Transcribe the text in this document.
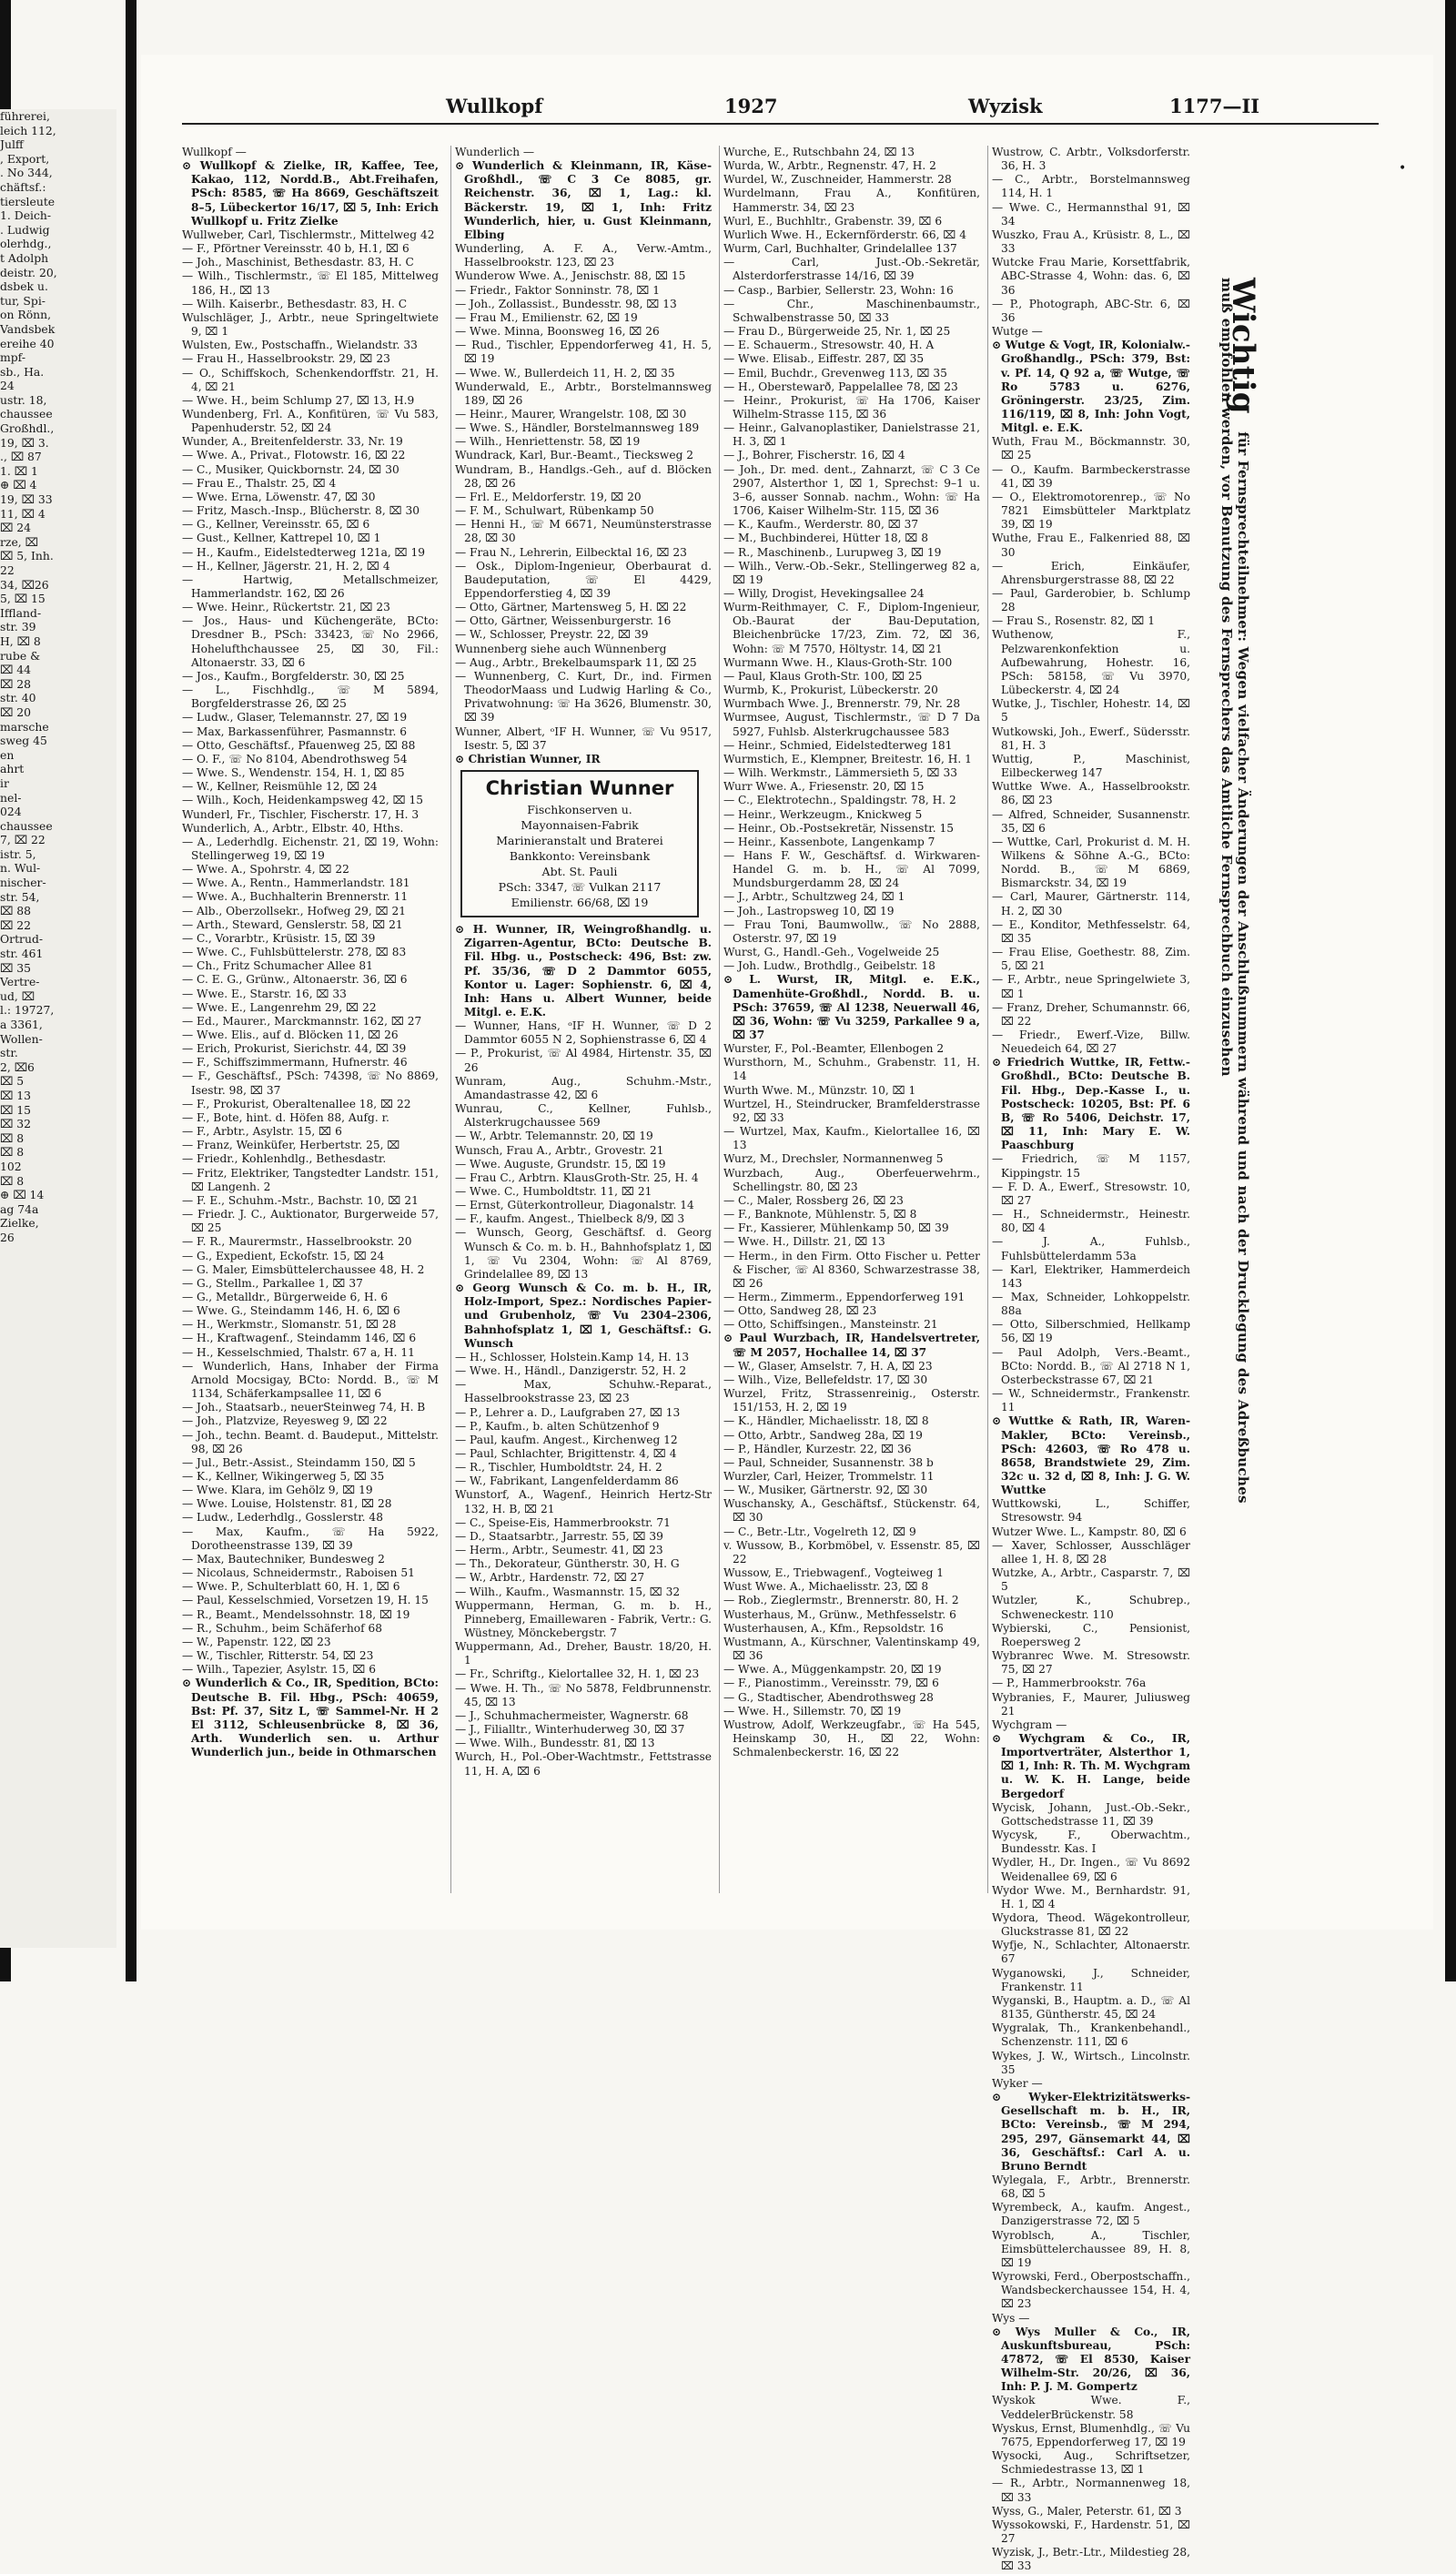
führerei,
leich 112,
Julff
, Export,
. No 344,
chäftsf.:
tiersleute
1. Deich-
. Ludwig
olerhdg.,
t Adolph
deistr. 20,
dsbek u.
tur, Spi-
on Rönn,
Vandsbek
ereihe 40
mpf-
sb., Ha.
24
ustr. 18,
chaussee
Großhdl.,
19, ⌧ 3.
., ⌧ 87
1. ⌧ 1
⊕ ⌧ 4
19, ⌧ 33
11, ⌧ 4
⌧ 24
rze, ⌧
⌧ 5, Inh.
22
34, ⌧26
5, ⌧ 15
Iffland-
str. 39
H, ⌧ 8
rube &
⌧ 44
⌧ 28
str. 40
⌧ 20
marsche
sweg 45
en
ahrt
ir
nel-
024
chaussee
7, ⌧ 22
istr. 5,
n. Wul-
nischer-
str. 54,
⌧ 88
⌧ 22
Ortrud-
str. 461
⌧ 35
Vertre-
ud, ⌧
l.: 19727,
a 3361,
Wollen-
str.
2, ⌧6
⌧ 5
⌧ 13
⌧ 15
⌧ 32
⌧ 8
⌧ 8
102
⌧ 8
⊕ ⌧ 14
ag 74a
Zielke,
26
Wullkopf	1927	Wyzisk	1177—II
Wullkopf —
⊙ Wullkopf & Zielke, IR, Kaffee, Tee, Kakao, 112, Nordd.B., Abt.Freihafen, PSch: 8585, ☏ Ha 8669, Geschäftszeit 8–5, Lübeckertor 16/17, ⌧ 5, Inh: Erich Wullkopf u. Fritz Zielke
Wullweber, Carl, Tischlermstr., Mittelweg 42
— F., Pförtner Vereinsstr. 40 b, H.1, ⌧ 6
— Joh., Maschinist, Bethesdastr. 83, H. C
— Wilh., Tischlermstr., ☏ El 185, Mittelweg 186, H., ⌧ 13
— Wilh. Kaiserbr., Bethesdastr. 83, H. C
Wulschläger, J., Arbtr., neue Springeltwiete 9, ⌧ 1
Wulsten, Ew., Postschaffn., Wielandstr. 33
— Frau H., Hasselbrookstr. 29, ⌧ 23
— O., Schiffskoch, Schenkendorffstr. 21, H. 4, ⌧ 21
— Wwe. H., beim Schlump 27, ⌧ 13, H.9
Wundenberg, Frl. A., Konfitüren, ☏ Vu 583, Papenhuderstr. 52, ⌧ 24
Wunder, A., Breitenfelderstr. 33, Nr. 19
— Wwe. A., Privat., Flotowstr. 16, ⌧ 22
— C., Musiker, Quickbornstr. 24, ⌧ 30
— Frau E., Thalstr. 25, ⌧ 4
— Wwe. Erna, Löwenstr. 47, ⌧ 30
— Fritz, Masch.-Insp., Blücherstr. 8, ⌧ 30
— G., Kellner, Vereinsstr. 65, ⌧ 6
— Gust., Kellner, Kattrepel 10, ⌧ 1
— H., Kaufm., Eidelstedterweg 121a, ⌧ 19
— H., Kellner, Jägerstr. 21, H. 2, ⌧ 4
— Hartwig, Metallschmeizer, Hammerlandstr. 162, ⌧ 26
— Wwe. Heinr., Rückertstr. 21, ⌧ 23
— Jos., Haus- und Küchengeräte, BCto: Dresdner B., PSch: 33423, ☏ No 2966, Hohelufthchaussee 25, ⌧ 30, Fil.: Altonaerstr. 33, ⌧ 6
— Jos., Kaufm., Borgfelderstr. 30, ⌧ 25
— L., Fischhdlg., ☏ M 5894, Borgfelderstrasse 26, ⌧ 25
— Ludw., Glaser, Telemannstr. 27, ⌧ 19
— Max, Barkassenführer, Pasmannstr. 6
— Otto, Geschäftsf., Pfauenweg 25, ⌧ 88
— O. F., ☏ No 8104, Abendrothsweg 54
— Wwe. S., Wendenstr. 154, H. 1, ⌧ 85
— W., Kellner, Reismühle 12, ⌧ 24
— Wilh., Koch, Heidenkampsweg 42, ⌧ 15
Wunderl, Fr., Tischler, Fischerstr. 17, H. 3
Wunderlich, A., Arbtr., Elbstr. 40, Hths.
— A., Lederhdlg. Eichenstr. 21, ⌧ 19, Wohn: Stellingerweg 19, ⌧ 19
— Wwe. A., Spohrstr. 4, ⌧ 22
— Wwe. A., Rentn., Hammerlandstr. 181
— Wwe. A., Buchhalterin Brennerstr. 11
— Alb., Oberzollsekr., Hofweg 29, ⌧ 21
— Arth., Steward, Genslerstr. 58, ⌧ 21
— C., Vorarbtr., Krüsistr. 15, ⌧ 39
— Wwe. C., Fuhlsbüttelerstr. 278, ⌧ 83
— Ch., Fritz Schumacher Allee 81
— C. E. G., Grünw., Altonaerstr. 36, ⌧ 6
— Wwe. E., Starstr. 16, ⌧ 33
— Wwe. E., Langenrehm 29, ⌧ 22
— Ed., Maurer., Marckmannstr. 162, ⌧ 27
— Wwe. Elis., auf d. Blöcken 11, ⌧ 26
— Erich, Prokurist, Sierichstr. 44, ⌧ 39
— F., Schiffszimmermann, Hufnerstr. 46
— F., Geschäftsf., PSch: 74398, ☏ No 8869, Isestr. 98, ⌧ 37
— F., Prokurist, Oberaltenallee 18, ⌧ 22
— F., Bote, hint. d. Höfen 88, Aufg. r.
— F., Arbtr., Asylstr. 15, ⌧ 6
— Franz, Weinküfer, Herbertstr. 25, ⌧
— Friedr., Kohlenhdlg., Bethesdastr.
— Fritz, Elektriker, Tangstedter Landstr. 151, ⌧ Langenh. 2
— F. E., Schuhm.-Mstr., Bachstr. 10, ⌧ 21
— Friedr. J. C., Auktionator, Burgerweide 57, ⌧ 25
— F. R., Maurermstr., Hasselbrookstr. 20
— G., Expedient, Eckofstr. 15, ⌧ 24
— G. Maler, Eimsbüttelerchaussee 48, H. 2
— G., Stellm., Parkallee 1, ⌧ 37
— G., Metalldr., Bürgerweide 6, H. 6
— Wwe. G., Steindamm 146, H. 6, ⌧ 6
— H., Werkmstr., Slomanstr. 51, ⌧ 28
— H., Kraftwagenf., Steindamm 146, ⌧ 6
— H., Kesselschmied, Thalstr. 67 a, H. 11
— Wunderlich, Hans, Inhaber der Firma Arnold Mocsigay, BCto: Nordd. B., ☏ M 1134, Schäferkampsallee 11, ⌧ 6
— Joh., Staatsarb., neuerSteinweg 74, H. B
— Joh., Platzvize, Reyesweg 9, ⌧ 22
— Joh., techn. Beamt. d. Baudeput., Mittelstr. 98, ⌧ 26
— Jul., Betr.-Assist., Steindamm 150, ⌧ 5
— K., Kellner, Wikingerweg 5, ⌧ 35
— Wwe. Klara, im Gehölz 9, ⌧ 19
— Wwe. Louise, Holstenstr. 81, ⌧ 28
— Ludw., Lederhdlg., Gosslerstr. 48
— Max, Kaufm., ☏ Ha 5922, Dorotheenstrasse 139, ⌧ 39
— Max, Bautechniker, Bundesweg 2
— Nicolaus, Schneidermstr., Raboisen 51
— Wwe. P., Schulterblatt 60, H. 1, ⌧ 6
— Paul, Kesselschmied, Vorsetzen 19, H. 15
— R., Beamt., Mendelssohnstr. 18, ⌧ 19
— R., Schuhm., beim Schäferhof 68
— W., Papenstr. 122, ⌧ 23
— W., Tischler, Ritterstr. 54, ⌧ 23
— Wilh., Tapezier, Asylstr. 15, ⌧ 6
⊙ Wunderlich & Co., IR, Spedition, BCto: Deutsche B. Fil. Hbg., PSch: 40659, Bst: Pf. 37, Sitz L, ☏ Sammel-Nr. H 2 El 3112, Schleusenbrücke 8, ⌧ 36, Arth. Wunderlich sen. u. Arthur Wunderlich jun., beide in Othmarschen
Wunderlich —
⊙ Wunderlich & Kleinmann, IR, Käse-Großhdl., ☏ C 3 Ce 8085, gr. Reichenstr. 36, ⌧ 1, Lag.: kl. Bäckerstr. 19, ⌧ 1, Inh: Fritz Wunderlich, hier, u. Gust Kleinmann, Elbing
Wunderling, A. F. A., Verw.-Amtm., Hasselbrookstr. 123, ⌧ 23
Wunderow Wwe. A., Jenischstr. 88, ⌧ 15
— Friedr., Faktor Sonninstr. 78, ⌧ 1
— Joh., Zollassist., Bundesstr. 98, ⌧ 13
— Frau M., Emilienstr. 62, ⌧ 19
— Wwe. Minna, Boonsweg 16, ⌧ 26
— Rud., Tischler, Eppendorferweg 41, H. 5, ⌧ 19
— Wwe. W., Bullerdeich 11, H. 2, ⌧ 35
Wunderwald, E., Arbtr., Borstelmannsweg 189, ⌧ 26
— Heinr., Maurer, Wrangelstr. 108, ⌧ 30
— Wwe. S., Händler, Borstelmannsweg 189
— Wilh., Henriettenstr. 58, ⌧ 19
Wundrack, Karl, Bur.-Beamt., Tiecksweg 2
Wundram, B., Handlgs.-Geh., auf d. Blöcken 28, ⌧ 26
— Frl. E., Meldorferstr. 19, ⌧ 20
— F. M., Schulwart, Rübenkamp 50
— Henni H., ☏ M 6671, Neumünsterstrasse 28, ⌧ 30
— Frau N., Lehrerin, Eilbecktal 16, ⌧ 23
— Osk., Diplom-Ingenieur, Oberbaurat d. Baudeputation, ☏ El 4429, Eppendorferstieg 4, ⌧ 39
— Otto, Gärtner, Martensweg 5, H. ⌧ 22
— Otto, Gärtner, Weissenburgerstr. 16
— W., Schlosser, Preystr. 22, ⌧ 39
Wunnenberg siehe auch Wünnenberg
— Aug., Arbtr., Brekelbaumspark 11, ⌧ 25
— Wunnenberg, C. Kurt, Dr., ind. Firmen TheodorMaass und Ludwig Harling & Co., Privatwohnung: ☏ Ha 3626, Blumenstr. 30, ⌧ 39
Wunner, Albert, ᵒIF H. Wunner, ☏ Vu 9517, Isestr. 5, ⌧ 37
⊙ Christian Wunner, IR
Christian Wunner
Fischkonserven u.
Mayonnaisen-Fabrik
Marinieranstalt und Braterei
Bankkonto: Vereinsbank
Abt. St. Pauli
PSch: 3347, ☏ Vulkan 2117
Emilienstr. 66/68, ⌧ 19
⊙ H. Wunner, IR, Weingroßhandlg. u. Zigarren-Agentur, BCto: Deutsche B. Fil. Hbg. u., Postscheck: 496, Bst: zw. Pf. 35/36, ☏ D 2 Dammtor 6055, Kontor u. Lager: Sophienstr. 6, ⌧ 4, Inh: Hans u. Albert Wunner, beide Mitgl. e. E.K.
— Wunner, Hans, ᵒIF H. Wunner, ☏ D 2 Dammtor 6055 N 2, Sophienstrasse 6, ⌧ 4
— P., Prokurist, ☏ Al 4984, Hirtenstr. 35, ⌧ 26
Wunram, Aug., Schuhm.-Mstr., Amandastrasse 42, ⌧ 6
Wunrau, C., Kellner, Fuhlsb., Alsterkrugchaussee 569
— W., Arbtr. Telemannstr. 20, ⌧ 19
Wunsch, Frau A., Arbtr., Grovestr. 21
— Wwe. Auguste, Grundstr. 15, ⌧ 19
— Frau C., Arbtrn. KlausGroth-Str. 25, H. 4
— Wwe. C., Humboldtstr. 11, ⌧ 21
— Ernst, Güterkontrolleur, Diagonalstr. 14
— F., kaufm. Angest., Thielbeck 8/9, ⌧ 3
— Wunsch, Georg, Geschäftsf. d. Georg Wunsch & Co. m. b. H., Bahnhofsplatz 1, ⌧ 1, ☏ Vu 2304, Wohn: ☏ Al 8769, Grindelallee 89, ⌧ 13
⊙ Georg Wunsch & Co. m. b. H., IR, Holz-Import, Spez.: Nordisches Papier- und Grubenholz, ☏ Vu 2304–2306, Bahnhofsplatz 1, ⌧ 1, Geschäftsf.: G. Wunsch
— H., Schlosser, Holstein.Kamp 14, H. 13
— Wwe. H., Händl., Danzigerstr. 52, H. 2
— Max, Schuhw.-Reparat., Hasselbrookstrasse 23, ⌧ 23
— P., Lehrer a. D., Laufgraben 27, ⌧ 13
— P., Kaufm., b. alten Schützenhof 9
— Paul, kaufm. Angest., Kirchenweg 12
— Paul, Schlachter, Brigittenstr. 4, ⌧ 4
— R., Tischler, Humboldtstr. 24, H. 2
— W., Fabrikant, Langenfelderdamm 86
Wunstorf, A., Wagenf., Heinrich Hertz-Str 132, H. B, ⌧ 21
— C., Speise-Eis, Hammerbrookstr. 71
— D., Staatsarbtr., Jarrestr. 55, ⌧ 39
— Herm., Arbtr., Seumestr. 41, ⌧ 23
— Th., Dekorateur, Güntherstr. 30, H. G
— W., Arbtr., Hardenstr. 72, ⌧ 27
— Wilh., Kaufm., Wasmannstr. 15, ⌧ 32
Wuppermann, Herman, G. m. b. H., Pinneberg, Emaillewaren - Fabrik, Vertr.: G. Wüstney, Mönckebergstr. 7
Wuppermann, Ad., Dreher, Baustr. 18/20, H. 1
— Fr., Schriftg., Kielortallee 32, H. 1, ⌧ 23
— Wwe. H. Th., ☏ No 5878, Feldbrunnenstr. 45, ⌧ 13
— J., Schuhmachermeister, Wagnerstr. 68
— J., Filialltr., Winterhuderweg 30, ⌧ 37
— Wwe. Wilh., Bundesstr. 81, ⌧ 13
Wurch, H., Pol.-Ober-Wachtmstr., Fettstrasse 11, H. A, ⌧ 6
Wurche, E., Rutschbahn 24, ⌧ 13
Wurda, W., Arbtr., Regnenstr. 47, H. 2
Wurdel, W., Zuschneider, Hammerstr. 28
Wurdelmann, Frau A., Konfitüren, Hammerstr. 34, ⌧ 23
Wurl, E., Buchhltr., Grabenstr. 39, ⌧ 6
Wurlich Wwe. H., Eckernförderstr. 66, ⌧ 4
Wurm, Carl, Buchhalter, Grindelallee 137
— Carl, Just.-Ob.-Sekretär, Alsterdorferstrasse 14/16, ⌧ 39
— Casp., Barbier, Sellerstr. 23, Wohn: 16
— Chr., Maschinenbaumstr., Schwalbenstrasse 50, ⌧ 33
— Frau D., Bürgerweide 25, Nr. 1, ⌧ 25
— E. Schauerm., Stresowstr. 40, H. A
— Wwe. Elisab., Eiffestr. 287, ⌧ 35
— Emil, Buchdr., Grevenweg 113, ⌧ 35
— H., Oberstewarð, Pappelallee 78, ⌧ 23
— Heinr., Prokurist, ☏ Ha 1706, Kaiser Wilhelm-Strasse 115, ⌧ 36
— Heinr., Galvanoplastiker, Danielstrasse 21, H. 3, ⌧ 1
— J., Bohrer, Fischerstr. 16, ⌧ 4
— Joh., Dr. med. dent., Zahnarzt, ☏ C 3 Ce 2907, Alsterthor 1, ⌧ 1, Sprechst: 9–1 u. 3–6, ausser Sonnab. nachm., Wohn: ☏ Ha 1706, Kaiser Wilhelm-Str. 115, ⌧ 36
— K., Kaufm., Werderstr. 80, ⌧ 37
— M., Buchbinderei, Hütter 18, ⌧ 8
— R., Maschinenb., Lurupweg 3, ⌧ 19
— Wilh., Verw.-Ob.-Sekr., Stellingerweg 82 a, ⌧ 19
— Willy, Drogist, Hevekingsallee 24
Wurm-Reithmayer, C. F., Diplom-Ingenieur, Ob.-Baurat der Bau-Deputation, Bleichenbrücke 17/23, Zim. 72, ⌧ 36, Wohn: ☏ M 7570, Höltystr. 14, ⌧ 21
Wurmann Wwe. H., Klaus-Groth-Str. 100
— Paul, Klaus Groth-Str. 100, ⌧ 25
Wurmb, K., Prokurist, Lübeckerstr. 20
Wurmbach Wwe. J., Brennerstr. 79, Nr. 28
Wurmsee, August, Tischlermstr., ☏ D 7 Da 5927, Fuhlsb. Alsterkrugchaussee 583
— Heinr., Schmied, Eidelstedterweg 181
Wurmstich, E., Klempner, Breitestr. 16, H. 1
— Wilh. Werkmstr., Lämmersieth 5, ⌧ 33
Wurr Wwe. A., Friesenstr. 20, ⌧ 15
— C., Elektrotechn., Spaldingstr. 78, H. 2
— Heinr., Werkzeugm., Knickweg 5
— Heinr., Ob.-Postsekretär, Nissenstr. 15
— Heinr., Kassenbote, Langenkamp 7
— Hans F. W., Geschäftsf. d. Wirkwaren-Handel G. m. b. H., ☏ Al 7099, Mundsburgerdamm 28, ⌧ 24
— J., Arbtr., Schultzweg 24, ⌧ 1
— Joh., Lastropsweg 10, ⌧ 19
— Frau Toni, Baumwollw., ☏ No 2888, Osterstr. 97, ⌧ 19
Wurst, G., Handl.-Geh., Vogelweide 25
— Joh. Ludw., Brothdlg., Geibelstr. 18
⊙ L. Wurst, IR, Mitgl. e. E.K., Damenhüte-Großhdl., Nordd. B. u. PSch: 37659, ☏ Al 1238, Neuerwall 46, ⌧ 36, Wohn: ☏ Vu 3259, Parkallee 9 a, ⌧ 37
Wurster, F., Pol.-Beamter, Ellenbogen 2
Wursthorn, M., Schuhm., Grabenstr. 11, H. 14
Wurth Wwe. M., Münzstr. 10, ⌧ 1
Wurtzel, H., Steindrucker, Bramfelderstrasse 92, ⌧ 33
— Wurtzel, Max, Kaufm., Kielortallee 16, ⌧ 13
Wurz, M., Drechsler, Normannenweg 5
Wurzbach, Aug., Oberfeuerwehrm., Schellingstr. 80, ⌧ 23
— C., Maler, Rossberg 26, ⌧ 23
— F., Banknote, Mühlenstr. 5, ⌧ 8
— Fr., Kassierer, Mühlenkamp 50, ⌧ 39
— Wwe. H., Dillstr. 21, ⌧ 13
— Herm., in den Firm. Otto Fischer u. Petter & Fischer, ☏ Al 8360, Schwarzestrasse 38, ⌧ 26
— Herm., Zimmerm., Eppendorferweg 191
— Otto, Sandweg 28, ⌧ 23
— Otto, Schiffsingen., Mansteinstr. 21
⊙ Paul Wurzbach, IR, Handelsvertreter, ☏ M 2057, Hochallee 14, ⌧ 37
— W., Glaser, Amselstr. 7, H. A, ⌧ 23
— Wilh., Vize, Bellefeldstr. 17, ⌧ 30
Wurzel, Fritz, Strassenreinig., Osterstr. 151/153, H. 2, ⌧ 19
— K., Händler, Michaelisstr. 18, ⌧ 8
— Otto, Arbtr., Sandweg 28a, ⌧ 19
— P., Händler, Kurzestr. 22, ⌧ 36
— Paul, Schneider, Susannenstr. 38 b
Wurzler, Carl, Heizer, Trommelstr. 11
— W., Musiker, Gärtnerstr. 92, ⌧ 30
Wuschansky, A., Geschäftsf., Stückenstr. 64, ⌧ 30
— C., Betr.-Ltr., Vogelreth 12, ⌧ 9
v. Wussow, B., Korbmöbel, v. Essenstr. 85, ⌧ 22
Wussow, E., Triebwagenf., Vogteiweg 1
Wust Wwe. A., Michaelisstr. 23, ⌧ 8
— Rob., Zieglermstr., Brennerstr. 80, H. 2
Wusterhaus, M., Grünw., Methfesselstr. 6
Wusterhausen, A., Kfm., Repsoldstr. 16
Wustmann, A., Kürschner, Valentinskamp 49, ⌧ 36
— Wwe. A., Müggenkampstr. 20, ⌧ 19
— F., Pianostimm., Vereinsstr. 79, ⌧ 6
— G., Stadtischer, Abendrothsweg 28
— Wwe. H., Sillemstr. 70, ⌧ 19
Wustrow, Adolf, Werkzeugfabr., ☏ Ha 545, Heinskamp 30, H., ⌧ 22, Wohn: Schmalenbeckerstr. 16, ⌧ 22
Wustrow, C. Arbtr., Volksdorferstr. 36, H. 3
— C., Arbtr., Borstelmannsweg 114, H. 1
— Wwe. C., Hermannsthal 91, ⌧ 34
Wuszko, Frau A., Krüsistr. 8, L., ⌧ 33
Wutcke Frau Marie, Korsettfabrik, ABC-Strasse 4, Wohn: das. 6, ⌧ 36
— P., Photograph, ABC-Str. 6, ⌧ 36
Wutge —
⊙ Wutge & Vogt, IR, Kolonialw.-Großhandlg., PSch: 379, Bst: v. Pf. 14, Q 92 a, ☏ Wutge, ☏ Ro 5783 u. 6276, Gröningerstr. 23/25, Zim. 116/119, ⌧ 8, Inh: John Vogt, Mitgl. e. E.K.
Wuth, Frau M., Böckmannstr. 30, ⌧ 25
— O., Kaufm. Barmbeckerstrasse 41, ⌧ 39
— O., Elektromotorenrep., ☏ No 7821 Eimsbütteler Marktplatz 39, ⌧ 19
Wuthe, Frau E., Falkenried 88, ⌧ 30
— Erich, Einkäufer, Ahrensburgerstrasse 88, ⌧ 22
— Paul, Garderobier, b. Schlump 28
— Frau S., Rosenstr. 82, ⌧ 1
Wuthenow, F., Pelzwarenkonfektion u. Aufbewahrung, Hohestr. 16, PSch: 58158, ☏ Vu 3970, Lübeckerstr. 4, ⌧ 24
Wutke, J., Tischler, Hohestr. 14, ⌧ 5
Wutkowski, Joh., Ewerf., Südersstr. 81, H. 3
Wuttig, P., Maschinist, Eilbeckerweg 147
Wuttke Wwe. A., Hasselbrookstr. 86, ⌧ 23
— Alfred, Schneider, Susannenstr. 35, ⌧ 6
— Wuttke, Carl, Prokurist d. M. H. Wilkens & Söhne A.-G., BCto: Nordd. B., ☏ M 6869, Bismarckstr. 34, ⌧ 19
— Carl, Maurer, Gärtnerstr. 114, H. 2, ⌧ 30
— E., Konditor, Methfesselstr. 64, ⌧ 35
— Frau Elise, Goethestr. 88, Zim. 5, ⌧ 21
— F., Arbtr., neue Springelwiete 3, ⌧ 1
— Franz, Dreher, Schumannstr. 66, ⌧ 22
— Friedr., Ewerf.-Vize, Billw. Neuedeich 64, ⌧ 27
⊙ Friedrich Wuttke, IR, Fettw.-Großhdl., BCto: Deutsche B. Fil. Hbg., Dep.-Kasse I., u. Postscheck: 10205, Bst: Pf. 6 B, ☏ Ro 5406, Deichstr. 17, ⌧ 11, Inh: Mary E. W. Paaschburg
— Friedrich, ☏ M 1157, Kippingstr. 15
— F. D. A., Ewerf., Stresowstr. 10, ⌧ 27
— H., Schneidermstr., Heinestr. 80, ⌧ 4
— J. A., Fuhlsb., Fuhlsbüttelerdamm 53a
— Karl, Elektriker, Hammerdeich 143
— Max, Schneider, Lohkoppelstr. 88a
— Otto, Silberschmied, Hellkamp 56, ⌧ 19
— Paul Adolph, Vers.-Beamt., BCto: Nordd. B., ☏ Al 2718 N 1, Osterbeckstrasse 67, ⌧ 21
— W., Schneidermstr., Frankenstr. 11
⊙ Wuttke & Rath, IR, Waren-Makler, BCto: Vereinsb., PSch: 42603, ☏ Ro 478 u. 8658, Brandstwiete 29, Zim. 32c u. 32 d, ⌧ 8, Inh: J. G. W. Wuttke
Wuttkowski, L., Schiffer, Stresowstr. 94
Wutzer Wwe. L., Kampstr. 80, ⌧ 6
— Xaver, Schlosser, Ausschläger allee 1, H. 8, ⌧ 28
Wutzke, A., Arbtr., Casparstr. 7, ⌧ 5
Wutzler, K., Schubrep., Schweneckestr. 110
Wybierski, C., Pensionist, Roepersweg 2
Wybranrec Wwe. M. Stresowstr. 75, ⌧ 27
— P., Hammerbrookstr. 76a
Wybranies, F., Maurer, Juliusweg 21
Wychgram —
⊙ Wychgram & Co., IR, Importverträter, Alsterthor 1, ⌧ 1, Inh: R. Th. M. Wychgram u. W. K. H. Lange, beide Bergedorf
Wycisk, Johann, Just.-Ob.-Sekr., Gottschedstrasse 11, ⌧ 39
Wycysk, F., Oberwachtm., Bundesstr. Kas. I
Wydler, H., Dr. Ingen., ☏ Vu 8692 Weidenallee 69, ⌧ 6
Wydor Wwe. M., Bernhardstr. 91, H. 1, ⌧ 4
Wydora, Theod. Wägekontrolleur, Gluckstrasse 81, ⌧ 22
Wyfje, N., Schlachter, Altonaerstr. 67
Wyganowski, J., Schneider, Frankenstr. 11
Wyganski, B., Hauptm. a. D., ☏ Al 8135, Güntherstr. 45, ⌧ 24
Wygralak, Th., Krankenbehandl., Schenzenstr. 111, ⌧ 6
Wykes, J. W., Wirtsch., Lincolnstr. 35
Wyker —
⊙ Wyker-Elektrizitätswerks-Gesellschaft m. b. H., IR, BCto: Vereinsb., ☏ M 294, 295, 297, Gänsemarkt 44, ⌧ 36, Geschäftsf.: Carl A. u. Bruno Berndt
Wylegala, F., Arbtr., Brennerstr. 68, ⌧ 5
Wyrembeck, A., kaufm. Angest., Danzigerstrasse 72, ⌧ 5
Wyroblsch, A., Tischler, Eimsbüttelerchaussee 89, H. 8, ⌧ 19
Wyrowski, Ferd., Oberpostschaffn., Wandsbeckerchaussee 154, H. 4, ⌧ 23
Wys —
⊙ Wys Muller & Co., IR, Auskunftsbureau, PSch: 47872, ☏ El 8530, Kaiser Wilhelm-Str. 20/26, ⌧ 36, Inh: P. J. M. Gompertz
Wyskok Wwe. F., VeddelerBrückenstr. 58
Wyskus, Ernst, Blumenhdlg., ☏ Vu 7675, Eppendorferweg 17, ⌧ 19
Wysocki, Aug., Schriftsetzer, Schmiedestrasse 13, ⌧ 1
— R., Arbtr., Normannenweg 18, ⌧ 33
Wyss, G., Maler, Peterstr. 61, ⌧ 3
Wyssokowski, F., Hardenstr. 51, ⌧ 27
Wyzisk, J., Betr.-Ltr., Mildestieg 28, ⌧ 33
Wichtig für Fernsprechteilnehmer: Wegen vielfacher Änderungen der Anschlußnummern während und nach der Drucklegung des Adreßbuches muß empfohlen werden, vor Benutzung des Fernsprechers das Amtliche Fernsprechbuch einzusehen
•
